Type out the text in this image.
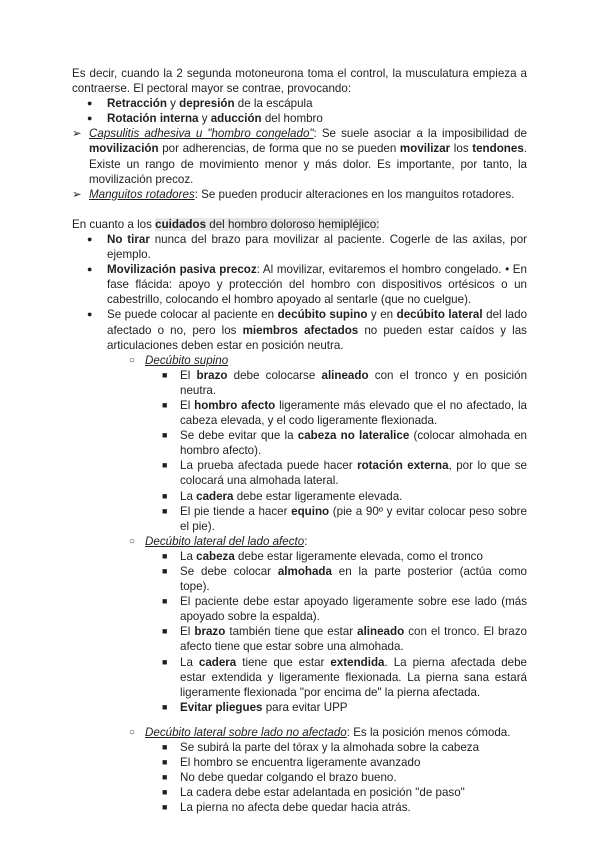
Es decir, cuando la 2 segunda motoneurona toma el control, la musculatura empieza a contraerse. El pectoral mayor se contrae, provocando:

● Retracción y depresión de la escápula
● Rotación interna y aducción del hombro

➢ Capsulitis adhesiva u "hombro congelado": Se suele asociar a la imposibilidad de movilización por adherencias, de forma que no se pueden movilizar los tendones. Existe un rango de movimiento menor y más dolor. Es importante, por tanto, la movilización precoz.

➢ Manguitos rotadores: Se pueden producir alteraciones en los manguitos rotadores.

En cuanto a los cuidados del hombro doloroso hemipléjico:

● No tirar nunca del brazo para movilizar al paciente. Cogerle de las axilas, por ejemplo.
● Movilización pasiva precoz: Al movilizar, evitaremos el hombro congelado. • En fase flácida: apoyo y protección del hombro con dispositivos ortésicos o un cabestrillo, colocando el hombro apoyado al sentarle (que no cuelgue).
● Se puede colocar al paciente en decúbito supino y en decúbito lateral del lado afectado o no, pero los miembros afectados no pueden estar caídos y las articulaciones deben estar en posición neutra.
○ Decúbito supino
■ El brazo debe colocarse alineado con el tronco y en posición neutra.
■ El hombro afecto ligeramente más elevado que el no afectado, la cabeza elevada, y el codo ligeramente flexionada.
■ Se debe evitar que la cabeza no lateralice (colocar almohada en hombro afecto).
■ La prueba afectada puede hacer rotación externa, por lo que se colocará una almohada lateral.
■ La cadera debe estar ligeramente elevada.
■ El pie tiende a hacer equino (pie a 90º y evitar colocar peso sobre el pie).
○ Decúbito lateral del lado afecto:
■ La cabeza debe estar ligeramente elevada, como el tronco
■ Se debe colocar almohada en la parte posterior (actúa como tope).
■ El paciente debe estar apoyado ligeramente sobre ese lado (más apoyado sobre la espalda).
■ El brazo también tiene que estar alineado con el tronco. El brazo afecto tiene que estar sobre una almohada.
■ La cadera tiene que estar extendida. La pierna afectada debe estar extendida y ligeramente flexionada. La pierna sana estará ligeramente flexionada "por encima de" la pierna afectada.
■ Evitar pliegues para evitar UPP
○ Decúbito lateral sobre lado no afectado: Es la posición menos cómoda.
■ Se subirá la parte del tórax y la almohada sobre la cabeza
■ El hombro se encuentra ligeramente avanzado
■ No debe quedar colgando el brazo bueno.
■ La cadera debe estar adelantada en posición "de paso"
■ La pierna no afecta debe quedar hacia atrás.
